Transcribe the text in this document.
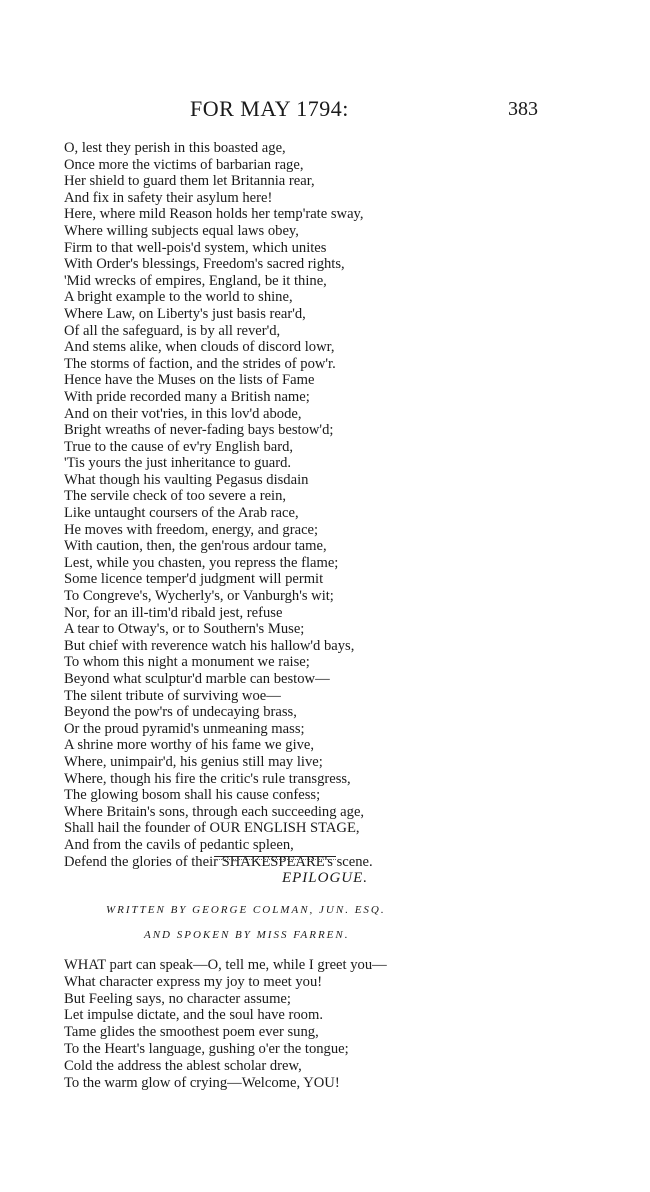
FOR MAY 1794:	383
O, lest they perish in this boasted age,
Once more the victims of barbarian rage,
Her shield to guard them let Britannia rear,
And fix in safety their asylum here!
Here, where mild Reason holds her temp'rate sway,
Where willing subjects equal laws obey,
Firm to that well-pois'd system, which unites
With Order's blessings, Freedom's sacred rights,
'Mid wrecks of empires, England, be it thine,
A bright example to the world to shine,
Where Law, on Liberty's just basis rear'd,
Of all the safeguard, is by all rever'd,
And stems alike, when clouds of discord lowr,
The storms of faction, and the strides of pow'r.
Hence have the Muses on the lists of Fame
With pride recorded many a British name;
And on their vot'ries, in this lov'd abode,
Bright wreaths of never-fading bays bestow'd;
True to the cause of ev'ry English bard,
'Tis yours the just inheritance to guard.
What though his vaulting Pegasus disdain
The servile check of too severe a rein,
Like untaught coursers of the Arab race,
He moves with freedom, energy, and grace;
With caution, then, the gen'rous ardour tame,
Lest, while you chasten, you repress the flame;
Some licence temper'd judgment will permit
To Congreve's, Wycherly's, or Vanburgh's wit;
Nor, for an ill-tim'd ribald jest, refuse
A tear to Otway's, or to Southern's Muse;
But chief with reverence watch his hallow'd bays,
To whom this night a monument we raise;
Beyond what sculptur'd marble can bestow—
The silent tribute of surviving woe—
Beyond the pow'rs of undecaying brass,
Or the proud pyramid's unmeaning mass;
A shrine more worthy of his fame we give,
Where, unimpair'd, his genius still may live;
Where, though his fire the critic's rule transgress,
The glowing bosom shall his cause confess;
Where Britain's sons, through each succeeding age,
Shall hail the founder of OUR ENGLISH STAGE,
And from the cavils of pedantic spleen,
Defend the glories of their SHAKESPEARE's scene.
EPILOGUE.
WRITTEN BY GEORGE COLMAN, JUN. ESQ.
AND SPOKEN BY MISS FARREN.
WHAT part can speak—O, tell me, while I greet you—
What character express my joy to meet you!
But Feeling says, no character assume;
Let impulse dictate, and the soul have room.
Tame glides the smoothest poem ever sung,
To the Heart's language, gushing o'er the tongue;
Cold the address the ablest scholar drew,
To the warm glow of crying—Welcome, YOU!
